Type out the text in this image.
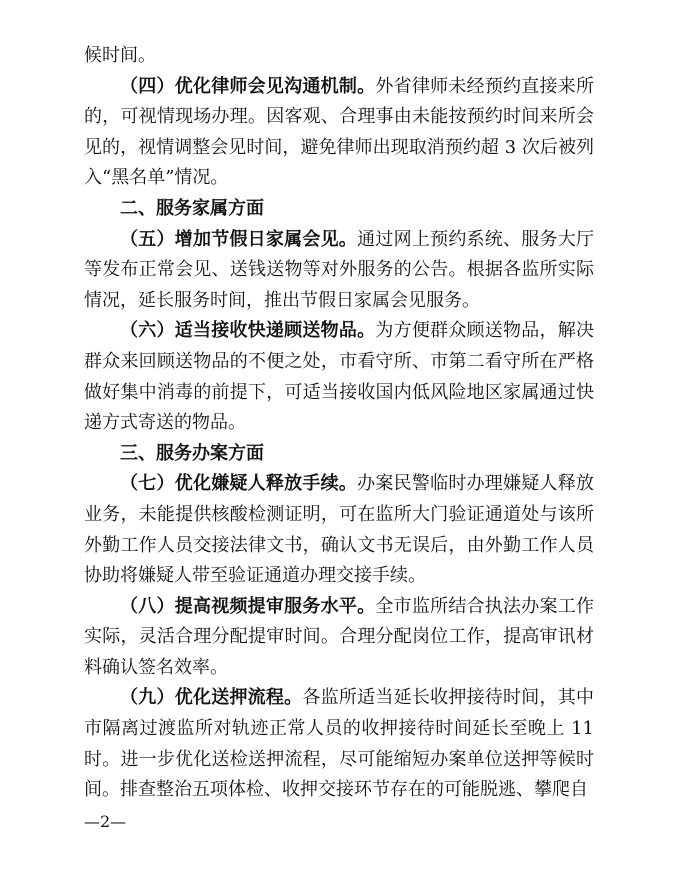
候时间。

（四）优化律师会见沟通机制。外省律师未经预约直接来所的，可视情现场办理。因客观、合理事由未能按预约时间来所会见的，视情调整会见时间，避免律师出现取消预约超 3 次后被列入“黑名单”情况。

二、服务家属方面

（五）增加节假日家属会见。通过网上预约系统、服务大厅等发布正常会见、送钱送物等对外服务的公告。根据各监所实际情况，延长服务时间，推出节假日家属会见服务。

（六）适当接收快递顾送物品。为方便群众顾送物品，解决群众来回顾送物品的不便之处，市看守所、市第二看守所在严格做好集中消毒的前提下，可适当接收国内低风险地区家属通过快递方式寄送的物品。

三、服务办案方面

（七）优化嫌疑人释放手续。办案民警临时办理嫌疑人释放业务，未能提供核酸检测证明，可在监所大门验证通道处与该所外勤工作人员交接法律文书，确认文书无误后，由外勤工作人员协助将嫌疑人带至验证通道办理交接手续。

（八）提高视频提审服务水平。全市监所结合执法办案工作实际，灵活合理分配提审时间。合理分配岗位工作，提高审讯材料确认签名效率。

（九）优化送押流程。各监所适当延长收押接待时间，其中市隔离过渡监所对轨迹正常人员的收押接待时间延长至晚上 11 时。进一步优化送检送押流程，尽可能缩短办案单位送押等候时间。排查整治五项体检、收押交接环节存在的可能脱逃、攀爬自

—2—
